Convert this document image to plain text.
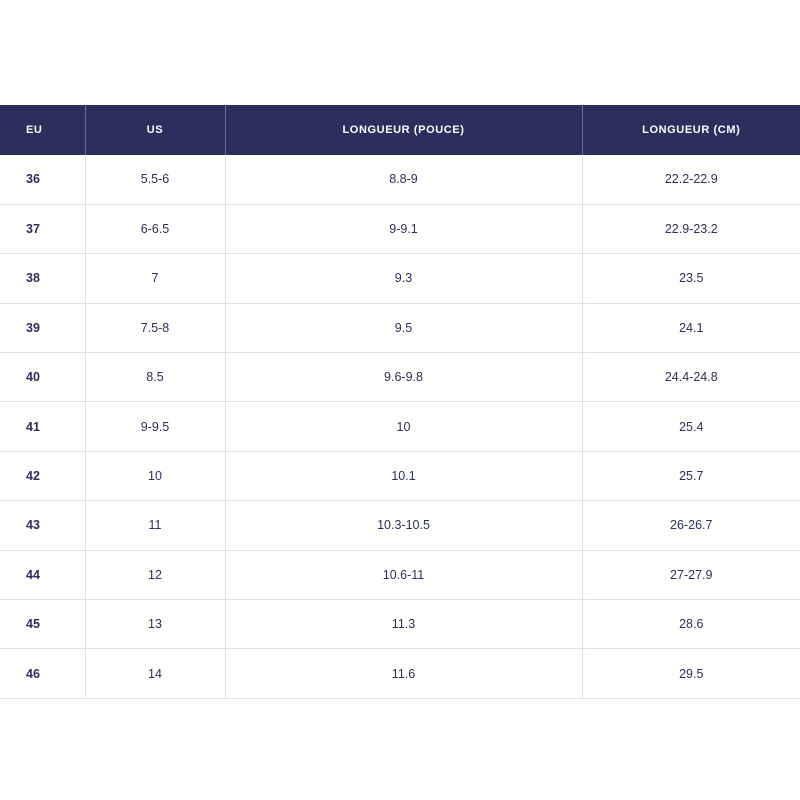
EU	US	LONGUEUR (POUCE)	LONGUEUR (CM)
36	5.5-6	8.8-9	22.2-22.9
37	6-6.5	9-9.1	22.9-23.2
38	7	9.3	23.5
39	7.5-8	9.5	24.1
40	8.5	9.6-9.8	24.4-24.8
41	9-9.5	10	25.4
42	10	10.1	25.7
43	11	10.3-10.5	26-26.7
44	12	10.6-11	27-27.9
45	13	11.3	28.6
46	14	11.6	29.5
